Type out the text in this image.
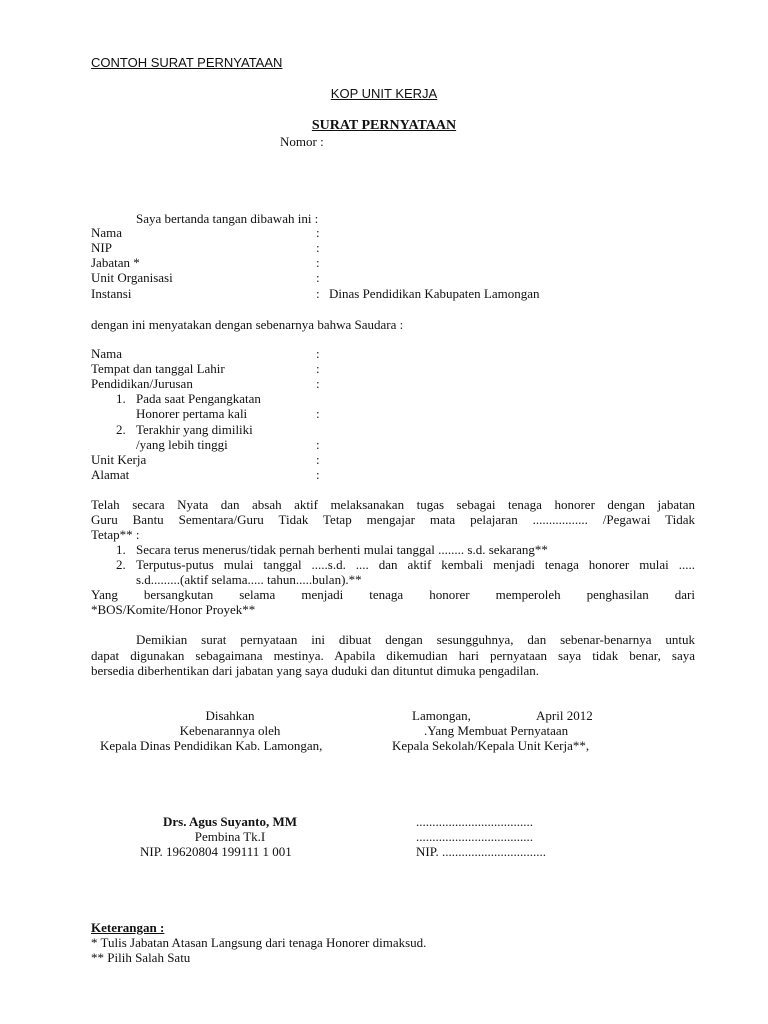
CONTOH SURAT PERNYATAAN
KOP UNIT KERJA
SURAT PERNYATAAN
Nomor :
Saya bertanda tangan dibawah ini :
Nama	:
NIP	:
Jabatan *	:
Unit Organisasi	:
Instansi	: Dinas Pendidikan Kabupaten Lamongan
dengan ini menyatakan dengan sebenarnya bahwa Saudara :
Nama	:
Tempat dan tanggal Lahir	:
Pendidikan/Jurusan	:
1. Pada saat Pengangkatan
Honorer pertama kali	:
2. Terakhir yang dimiliki
/yang lebih tinggi	:
Unit Kerja	:
Alamat	:
Telah secara Nyata dan absah aktif melaksanakan tugas sebagai tenaga honorer dengan jabatan
Guru Bantu Sementara/Guru Tidak Tetap mengajar mata pelajaran ................. /Pegawai Tidak
Tetap** :
1. Secara terus menerus/tidak pernah berhenti mulai tanggal ........ s.d. sekarang**
2. Terputus-putus mulai tanggal .....s.d. .... dan aktif kembali menjadi tenaga honorer mulai .....
s.d.........(aktif selama..... tahun.....bulan).**
Yang bersangkutan selama menjadi tenaga honorer memperoleh penghasilan dari
*BOS/Komite/Honor Proyek**
Demikian surat pernyataan ini dibuat dengan sesungguhnya, dan sebenar-benarnya untuk
dapat digunakan sebagaimana mestinya. Apabila dikemudian hari pernyataan saya tidak benar, saya
bersedia diberhentikan dari jabatan yang saya duduki dan dituntut dimuka pengadilan.
Disahkan
Kebenarannya oleh
Kepala Dinas Pendidikan Kab. Lamongan,
Drs. Agus Suyanto, MM
Pembina Tk.I
NIP. 19620804 199111 1 001
Lamongan,	April 2012
.Yang Membuat Pernyataan
Kepala Sekolah/Kepala Unit Kerja**,
....................................
....................................
NIP. ................................
Keterangan :
* Tulis Jabatan Atasan Langsung dari tenaga Honorer dimaksud.
** Pilih Salah Satu
